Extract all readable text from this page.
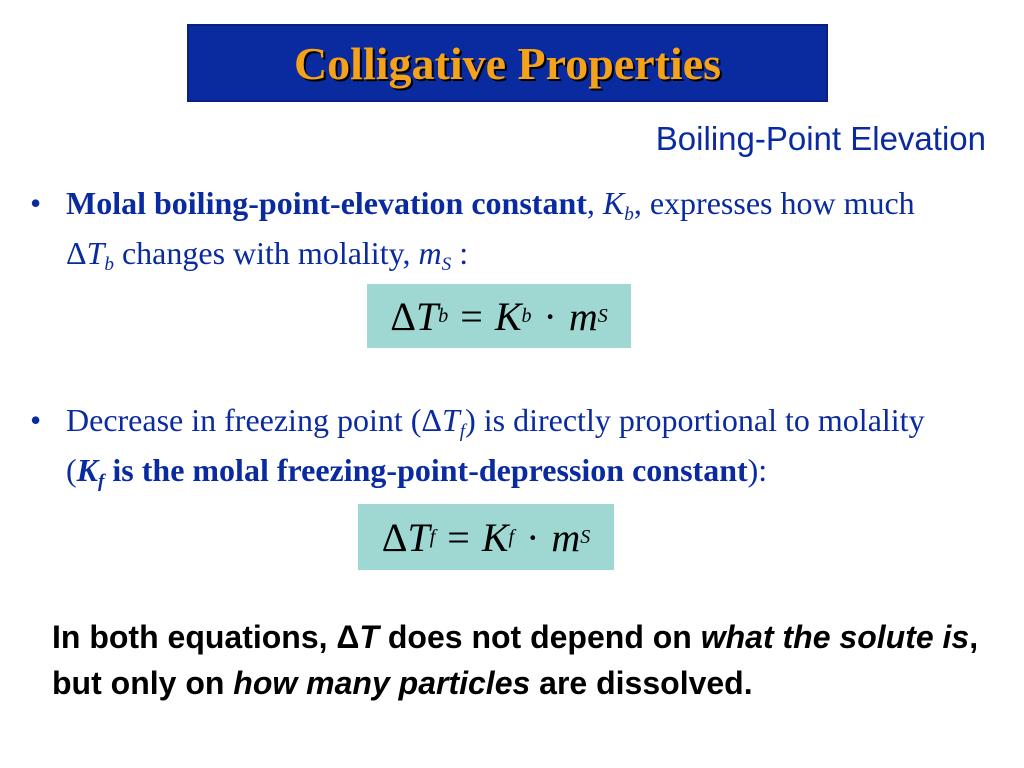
Colligative Properties
Boiling-Point Elevation
• Molal boiling-point-elevation constant, $K_b$, expresses how much $\Delta T_b$ changes with molality, $m_S$ :
Δ T b = K b · m S
• Decrease in freezing point $(\Delta T_f)$ is directly proportional to molality ($K_f$ is the molal freezing-point-depression constant):
Δ T f = K f · m S
In both equations, ΔT does not depend on what the solute is, but only on how many particles are dissolved.
